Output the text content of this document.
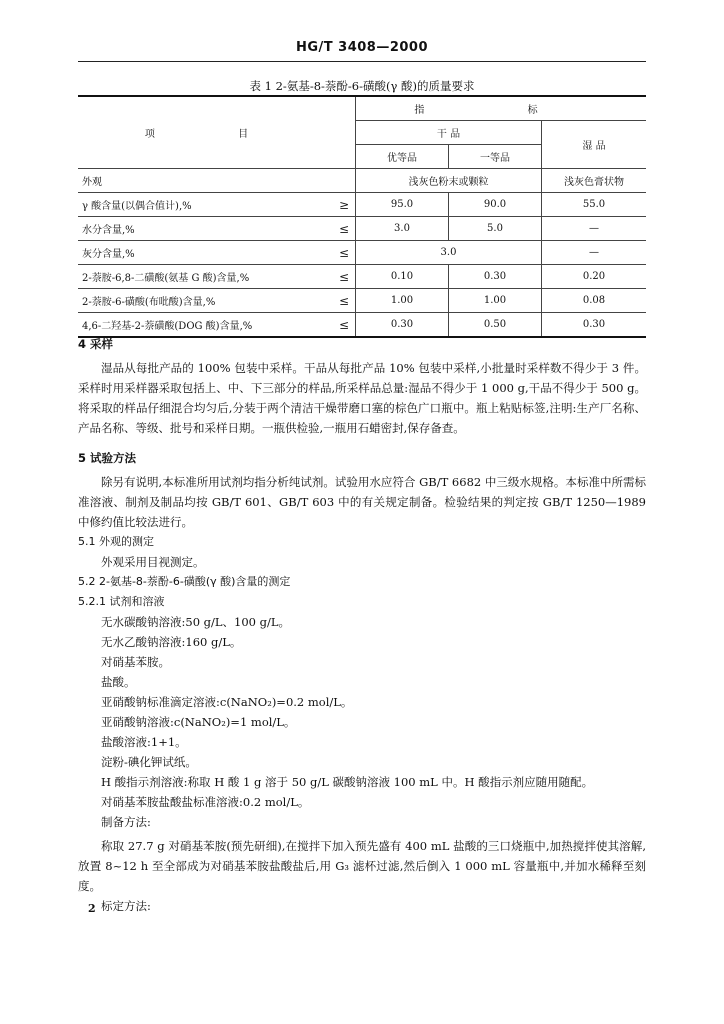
HG/T 3408—2000
表 1 2-氨基-8-萘酚-6-磺酸(γ 酸)的质量要求
项 目		指 标		
		干 品		湿 品
		优等品	一等品	
外观		浅灰色粉末或颗粒		浅灰色膏状物
γ 酸含量(以偶合值计),%	≥	95.0	90.0	55.0
水分含量,%	≤	3.0	5.0	—
灰分含量,%	≤	3.0		—
2-萘胺-6,8-二磺酸(氨基 G 酸)含量,%	≤	0.10	0.30	0.20
2-萘胺-6-磺酸(布吡酸)含量,%	≤	1.00	1.00	0.08
4,6-二羟基-2-萘磺酸(DOG 酸)含量,%	≤	0.30	0.50	0.30

4 采样

湿品从每批产品的 100% 包装中采样。干品从每批产品 10% 包装中采样,小批量时采样数不得少于 3 件。采样时用采样器采取包括上、中、下三部分的样品,所采样品总量:湿品不得少于 1 000 g,干品不得少于 500 g。将采取的样品仔细混合均匀后,分装于两个清洁干燥带磨口塞的棕色广口瓶中。瓶上粘贴标签,注明:生产厂名称、产品名称、等级、批号和采样日期。一瓶供检验,一瓶用石蜡密封,保存备查。

5 试验方法

除另有说明,本标准所用试剂均指分析纯试剂。试验用水应符合 GB/T 6682 中三级水规格。本标准中所需标准溶液、制剂及制品均按 GB/T 601、GB/T 603 中的有关规定制备。检验结果的判定按 GB/T 1250—1989 中修约值比较法进行。

5.1 外观的测定

外观采用目视测定。

5.2 2-氨基-8-萘酚-6-磺酸(γ 酸)含量的测定

5.2.1 试剂和溶液

无水碳酸钠溶液:50 g/L、100 g/L。

无水乙酸钠溶液:160 g/L。

对硝基苯胺。

盐酸。

亚硝酸钠标准滴定溶液:c(NaNO₂)=0.2 mol/L。

亚硝酸钠溶液:c(NaNO₂)=1 mol/L。

盐酸溶液:1+1。

淀粉-碘化钾试纸。

H 酸指示剂溶液:称取 H 酸 1 g 溶于 50 g/L 碳酸钠溶液 100 mL 中。H 酸指示剂应随用随配。

对硝基苯胺盐酸盐标准溶液:0.2 mol/L。

制备方法:

称取 27.7 g 对硝基苯胺(预先研细),在搅拌下加入预先盛有 400 mL 盐酸的三口烧瓶中,加热搅拌使其溶解,放置 8~12 h 至全部成为对硝基苯胺盐酸盐后,用 G₃ 滤杯过滤,然后倒入 1 000 mL 容量瓶中,并加水稀释至刻度。

标定方法:

2
